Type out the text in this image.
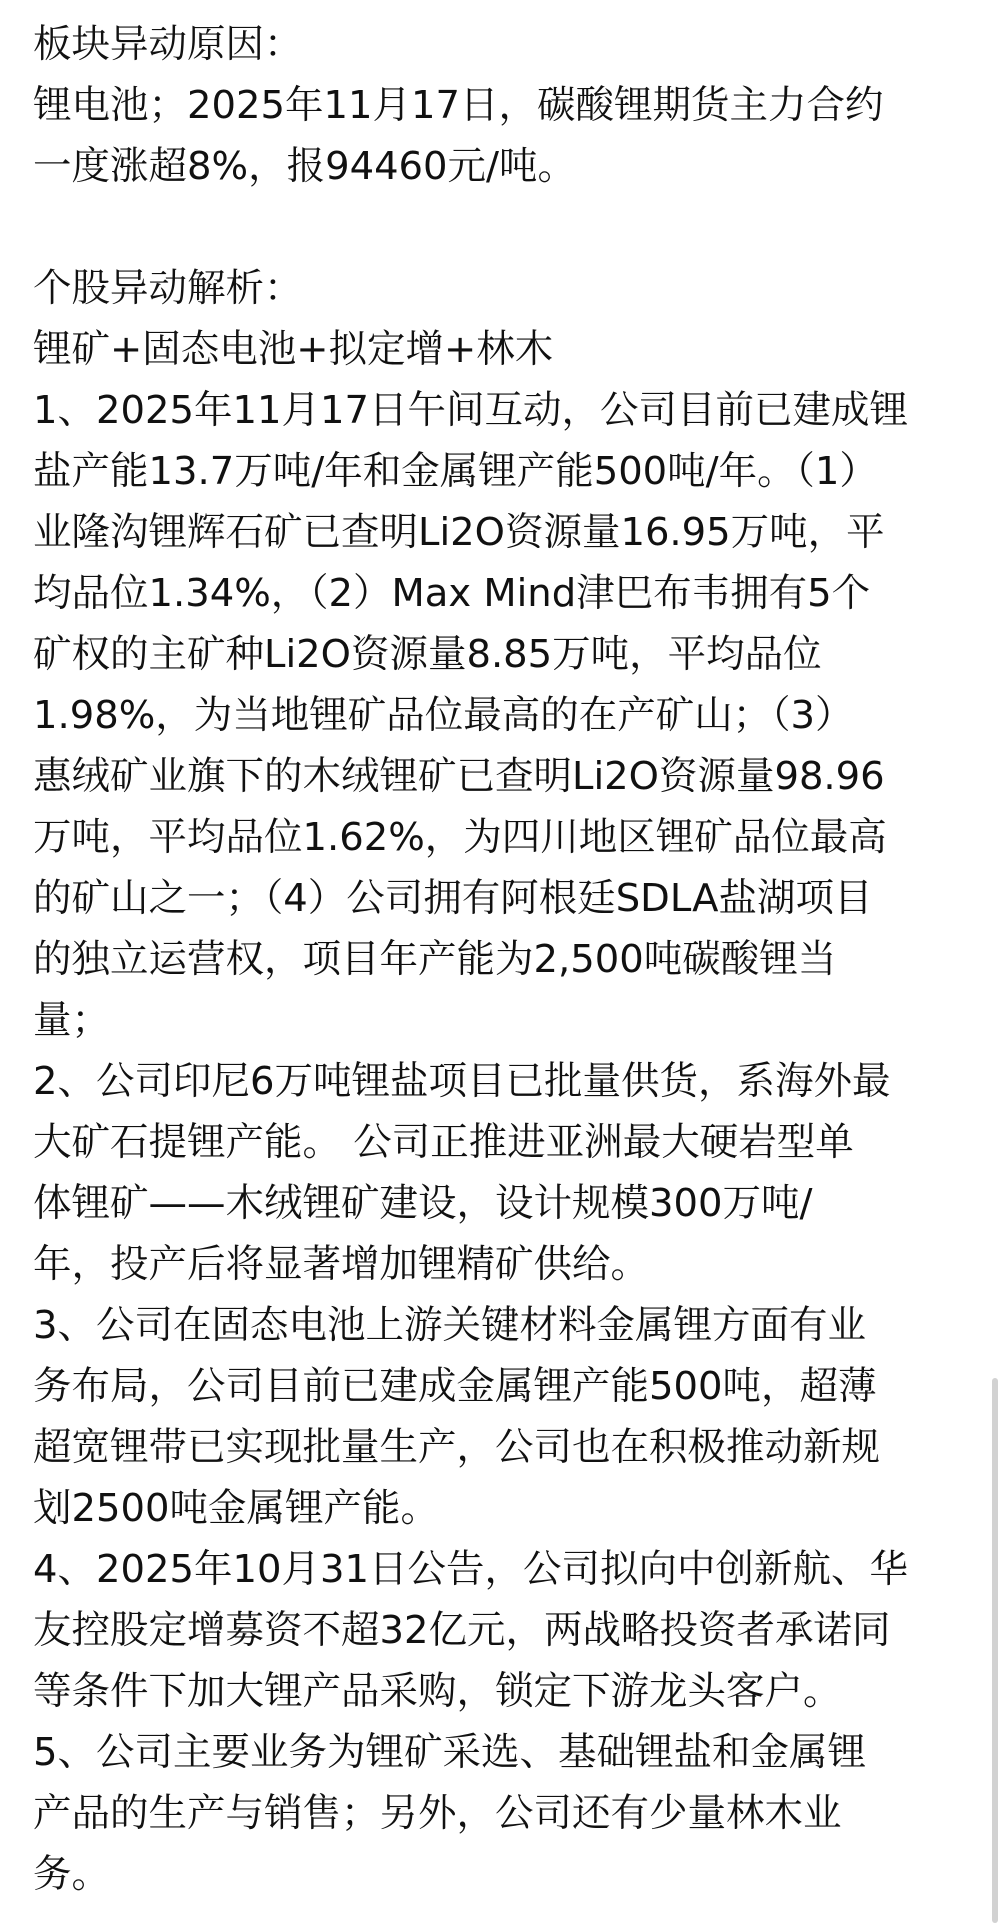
板块异动原因：
锂电池；2025年11月17日，碳酸锂期货主力合约
一度涨超8%，报94460元/吨。
个股异动解析：
锂矿+固态电池+拟定增+林木
1、2025年11月17日午间互动，公司目前已建成锂
盐产能13.7万吨/年和金属锂产能500吨/年。（1）
业隆沟锂辉石矿已查明Li2O资源量16.95万吨，平
均品位1.34%，（2）Max Mind津巴布韦拥有5个
矿权的主矿种Li2O资源量8.85万吨，平均品位
1.98%，为当地锂矿品位最高的在产矿山；（3）
惠绒矿业旗下的木绒锂矿已查明Li2O资源量98.96
万吨，平均品位1.62%，为四川地区锂矿品位最高
的矿山之一；（4）公司拥有阿根廷SDLA盐湖项目
的独立运营权，项目年产能为2,500吨碳酸锂当
量；
2、公司印尼6万吨锂盐项目已批量供货，系海外最
大矿石提锂产能。 公司正推进亚洲最大硬岩型单
体锂矿——木绒锂矿建设，设计规模300万吨/
年，投产后将显著增加锂精矿供给。
3、公司在固态电池上游关键材料金属锂方面有业
务布局，公司目前已建成金属锂产能500吨，超薄
超宽锂带已实现批量生产，公司也在积极推动新规
划2500吨金属锂产能。
4、2025年10月31日公告，公司拟向中创新航、华
友控股定增募资不超32亿元，两战略投资者承诺同
等条件下加大锂产品采购，锁定下游龙头客户。
5、公司主要业务为锂矿采选、基础锂盐和金属锂
产品的生产与销售；另外，公司还有少量林木业
务。
